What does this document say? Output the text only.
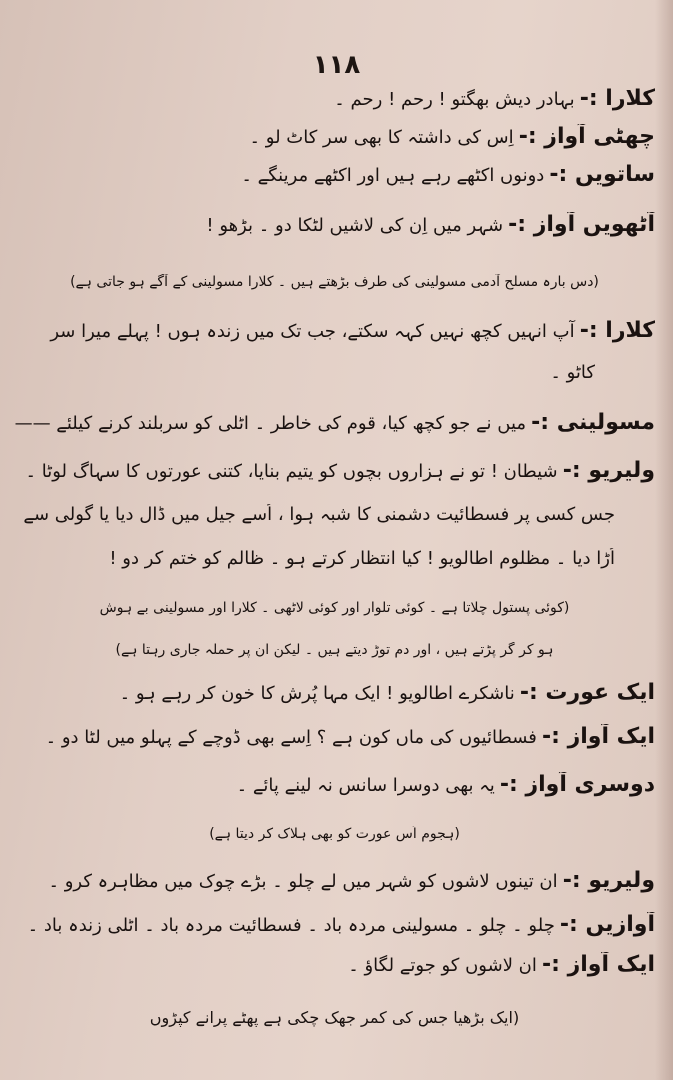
۱۱۸
کلارا :- بہادر دیش بھگتو ! رحم ! رحم ۔
چھٹی آواز :- اِس کی داشتہ کا بھی سر کاٹ لو ۔
ساتویں :- دونوں اکٹھے رہے ہیں اور اکٹھے مرینگے ۔
آٹھویں آواز :- شہر میں اِن کی لاشیں لٹکا دو ۔ بڑھو !
(دس بارہ مسلح آدمی مسولینی کی طرف بڑھتے ہیں ۔ کلارا مسولینی کے آگے ہو جاتی ہے)
کلارا :- آپ انہیں کچھ نہیں کہہ سکتے، جب تک میں زندہ ہوں ! پہلے میرا سر
کاٹو ۔
مسولینی :- میں نے جو کچھ کیا، قوم کی خاطر ۔ اٹلی کو سربلند کرنے کیلئے ——
ولیریو :- شیطان ! تو نے ہزاروں بچوں کو یتیم بنایا، کتنی عورتوں کا سہاگ لوٹا ۔
جس کسی پر فسطائیت دشمنی کا شبہ ہوا ، اُسے جیل میں ڈال دیا یا گولی سے
اُڑا دیا ۔ مظلوم اطالویو ! کیا انتظار کرتے ہو ۔ ظالم کو ختم کر دو !
(کوئی پستول چلاتا ہے ۔ کوئی تلوار اور کوئی لاٹھی ۔ کلارا اور مسولینی بے ہوش
ہو کر گر پڑتے ہیں ، اور دم توڑ دیتے ہیں ۔ لیکن ان پر حملہ جاری رہتا ہے)
ایک عورت :- ناشکرے اطالویو ! ایک مہا پُرش کا خون کر رہے ہو ۔
ایک آواز :- فسطائیوں کی ماں کون ہے ؟ اِسے بھی ڈوچے کے پہلو میں لٹا دو ۔
دوسری آواز :- یہ بھی دوسرا سانس نہ لینے پائے ۔
(ہجوم اُس عورت کو بھی ہلاک کر دیتا ہے)
ولیریو :- ان تینوں لاشوں کو شہر میں لے چلو ۔ بڑے چوک میں مظاہرہ کرو ۔
آوازیں :- چلو ۔ چلو ۔ مسولینی مردہ باد ۔ فسطائیت مردہ باد ۔ اٹلی زندہ باد ۔
ایک آواز :- ان لاشوں کو جوتے لگاؤ ۔
(ایک بڑھیا جس کی کمر جھک چکی ہے پھٹے پرانے کپڑوں
